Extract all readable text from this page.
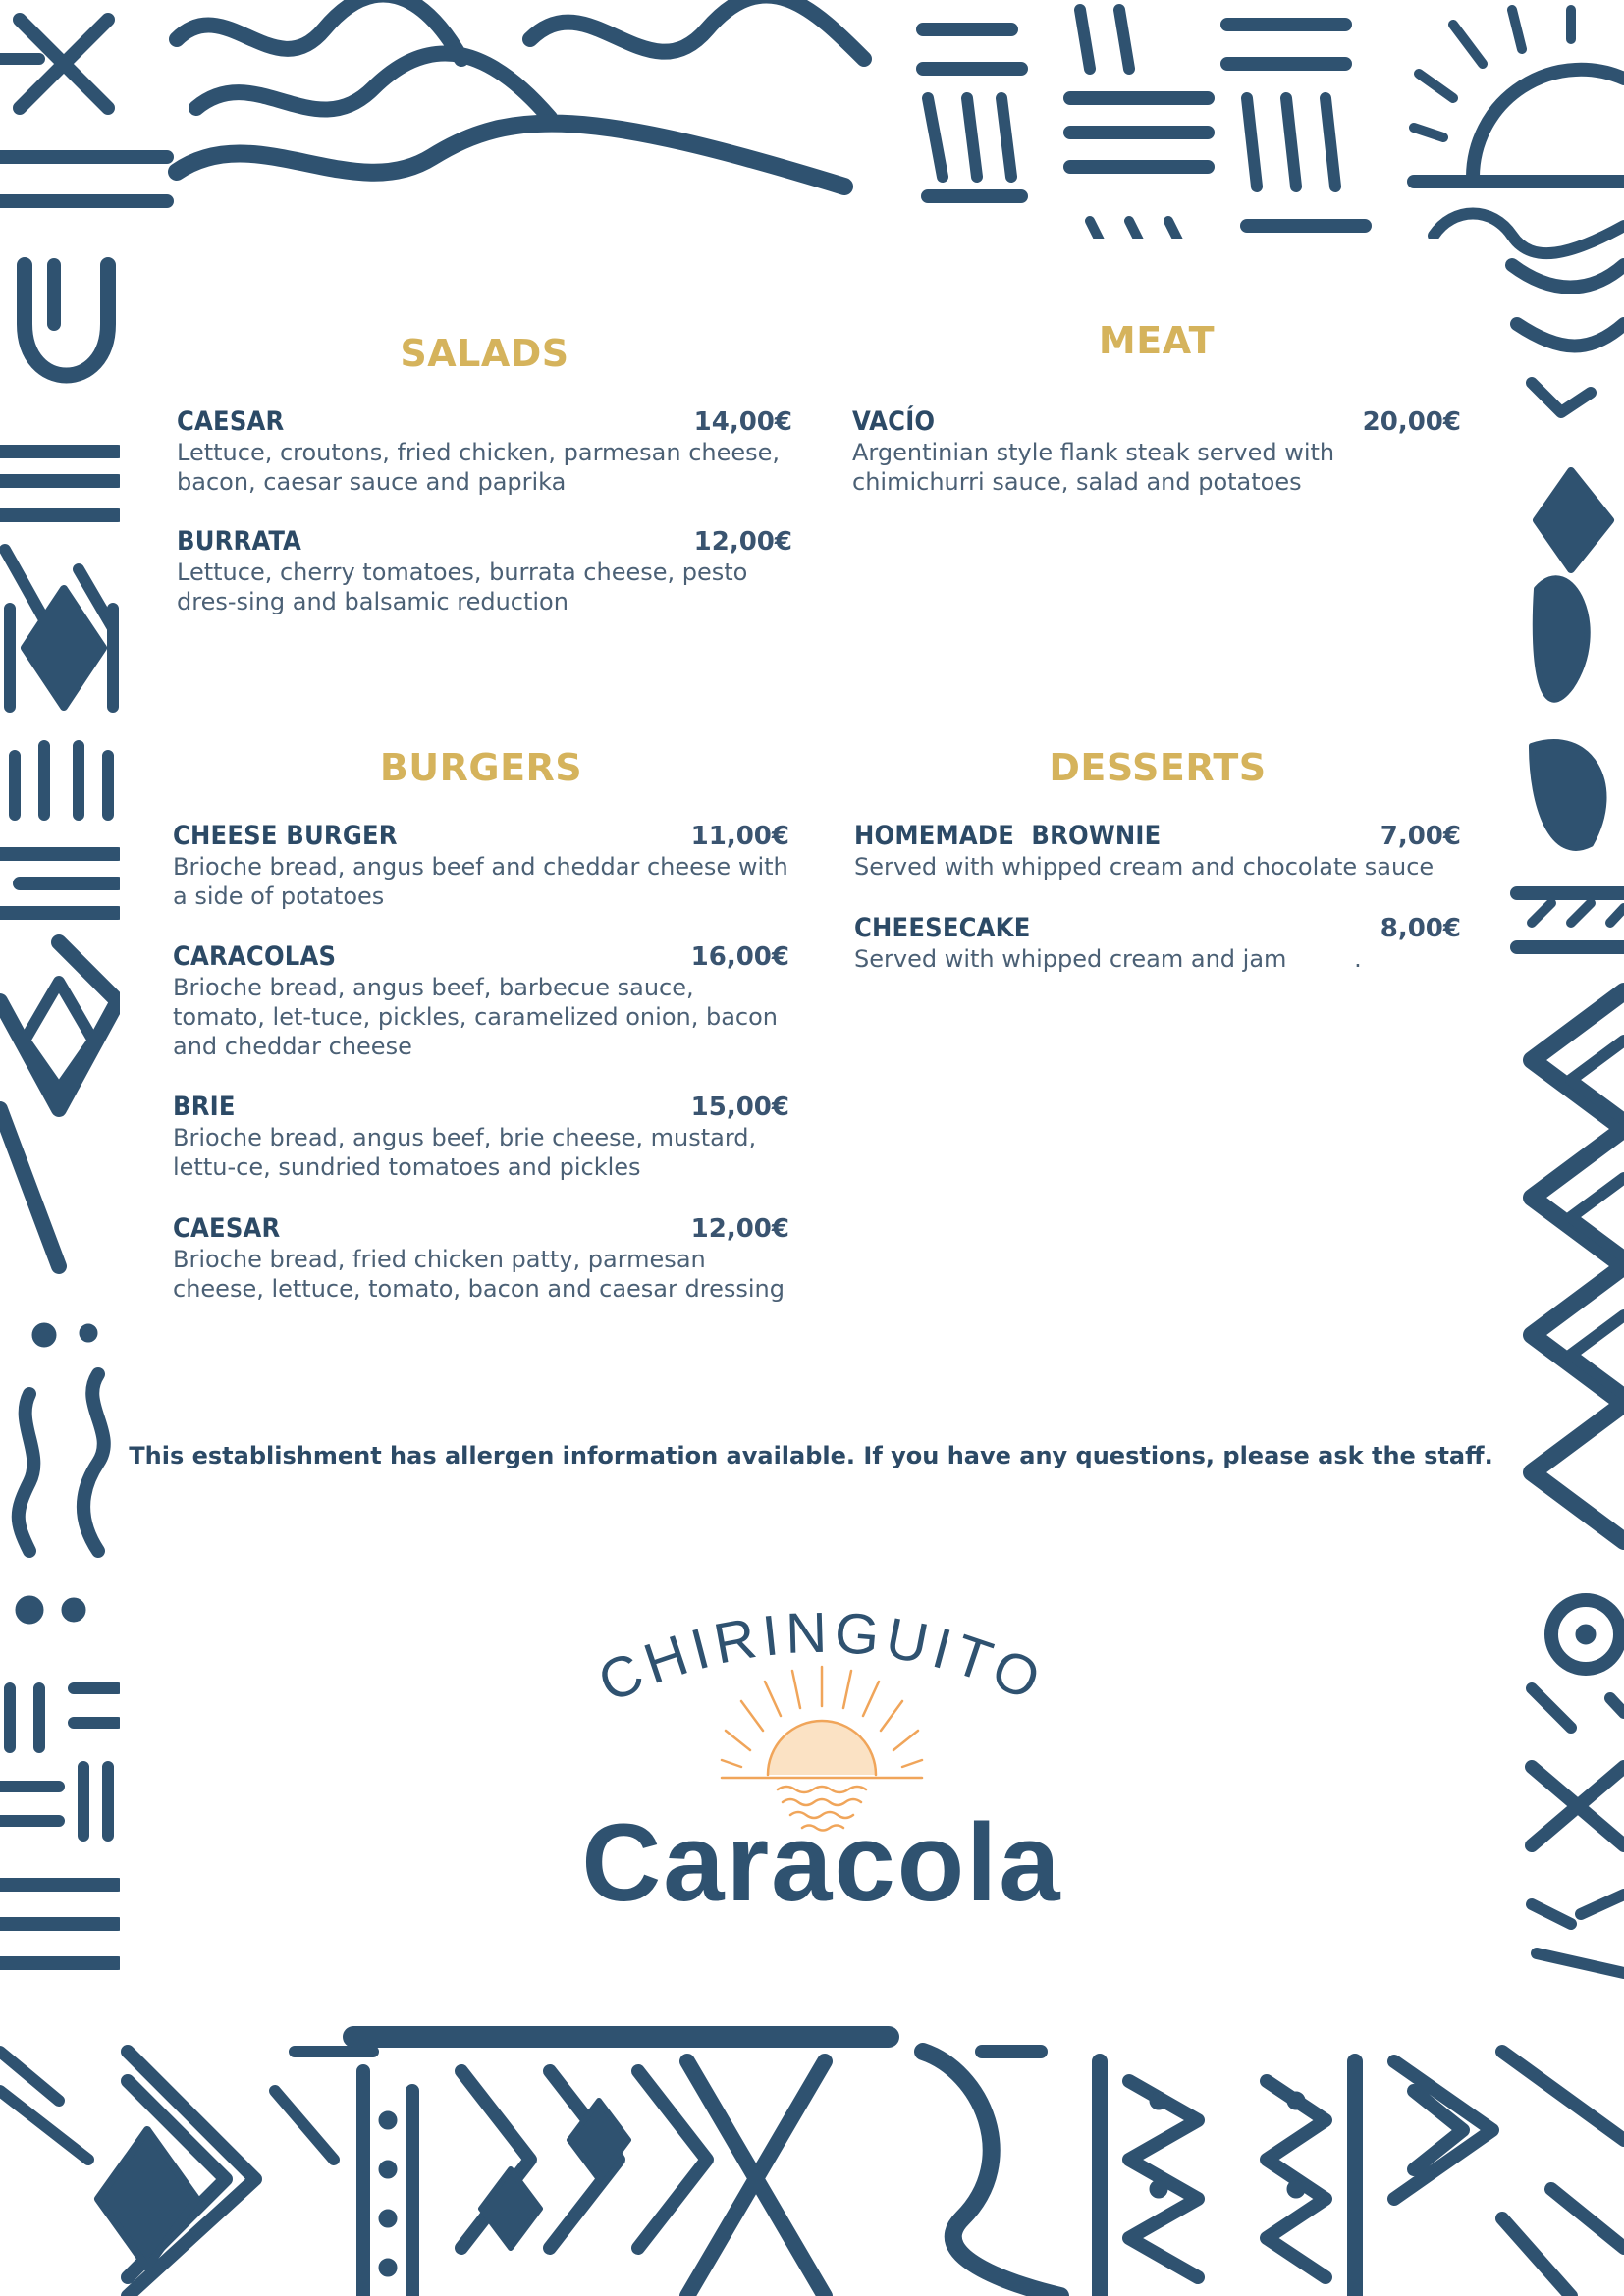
SALADS
CAESAR	14,00€
Lettuce, croutons, fried chicken, parmesan cheese, bacon, caesar sauce and paprika
BURRATA	12,00€
Lettuce, cherry tomatoes, burrata cheese, pesto dres-sing and balsamic reduction
MEAT
VACÍO	20,00€
Argentinian style flank steak served with chimichurri sauce, salad and potatoes
BURGERS
CHEESE BURGER	11,00€
Brioche bread, angus beef and cheddar cheese with a side of potatoes
CARACOLAS	16,00€
Brioche bread, angus beef, barbecue sauce, tomato, let-tuce, pickles, caramelized onion, bacon and cheddar cheese
BRIE	15,00€
Brioche bread, angus beef, brie cheese, mustard, lettu-ce, sundried tomatoes and pickles
CAESAR	12,00€
Brioche bread, fried chicken patty, parmesan cheese, lettuce, tomato, bacon and caesar dressing
DESSERTS
HOMEMADE  BROWNIE	7,00€
Served with whipped cream and chocolate sauce
CHEESECAKE	8,00€
Served with whipped cream and jam         .
This establishment has allergen information available. If you have any questions, please ask the staff.
CHIRINGUITO
Caracola
